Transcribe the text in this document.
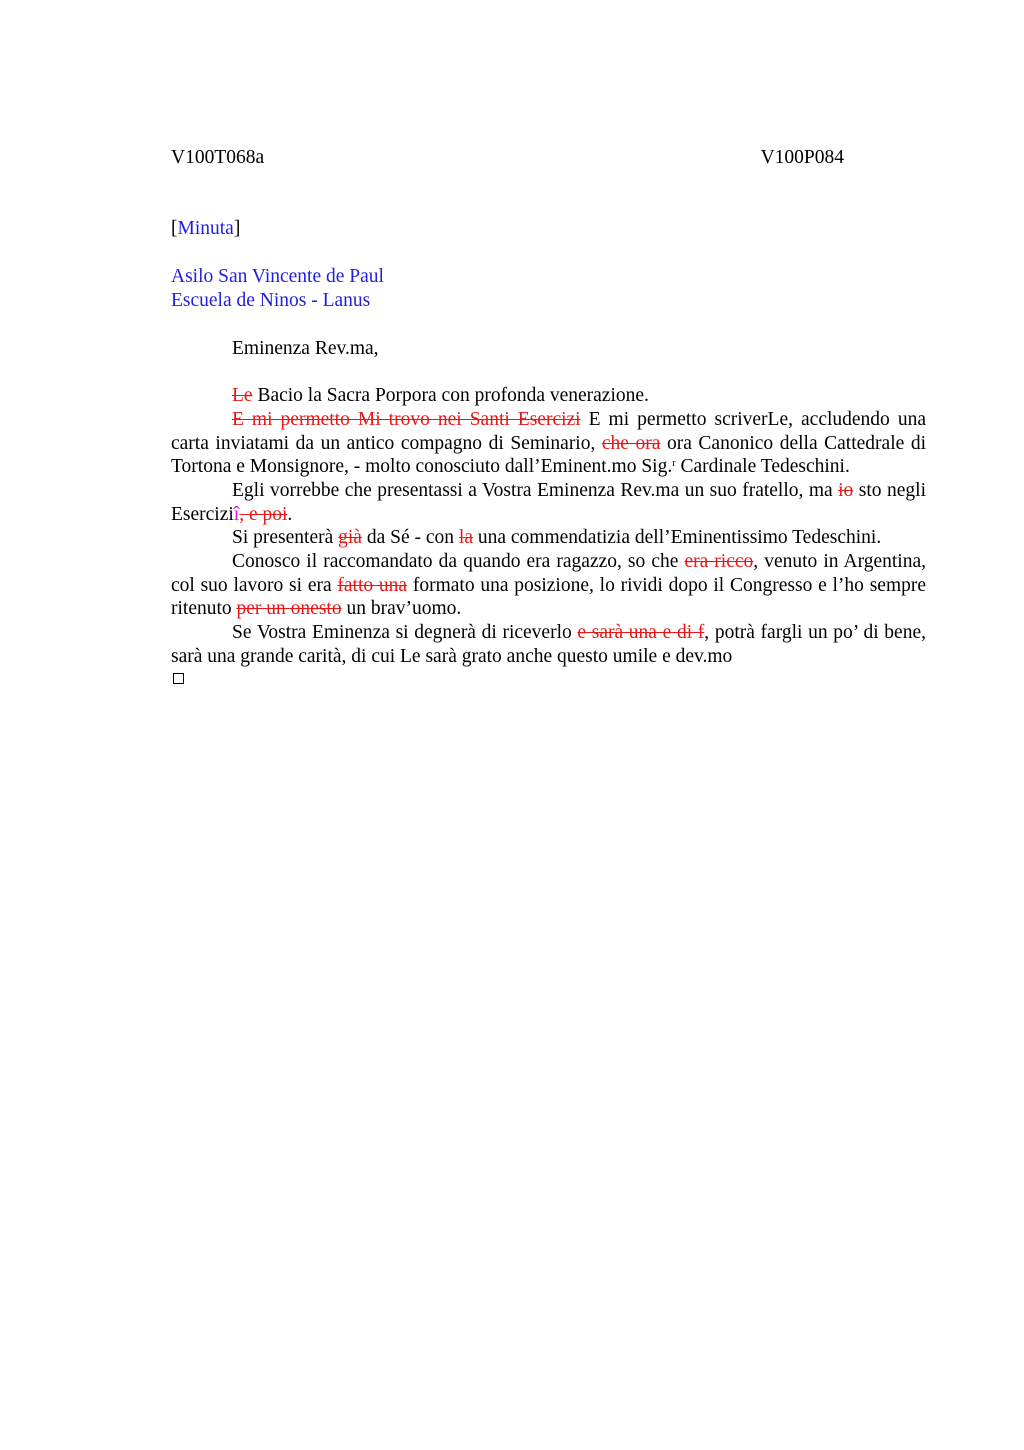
V100T068a	V100P084
[Minuta]
Asilo San Vincente de Paul
Escuela de Ninos - Lanus
Eminenza Rev.ma,
Le Bacio la Sacra Porpora con profonda venerazione.
E mi permetto Mi trovo nei Santi Esercizi E mi permetto scriverLe, accludendo una carta inviatami da un antico compagno di Seminario, che ora ora Canonico della Cattedrale di Tortona e Monsignore, - molto conosciuto dall’Eminent.mo Sig.$^r$ Cardinale Tedeschini.
Egli vorrebbe che presentassi a Vostra Eminenza Rev.ma un suo fratello, ma io sto negli Eserciziî, e poi.
Si presenterà già da Sé - con la una commendatizia dell’Eminentissimo Tedeschini.
Conosco il raccomandato da quando era ragazzo, so che era ricco, venuto in Argentina, col suo lavoro si era fatto una formato una posizione, lo rividi dopo il Congresso e l’ho sempre ritenuto per un onesto un brav’uomo.
Se Vostra Eminenza si degnerà di riceverlo e sarà una e di f, potrà fargli un po’ di bene, sarà una grande carità, di cui Le sarà grato anche questo umile e dev.mo
